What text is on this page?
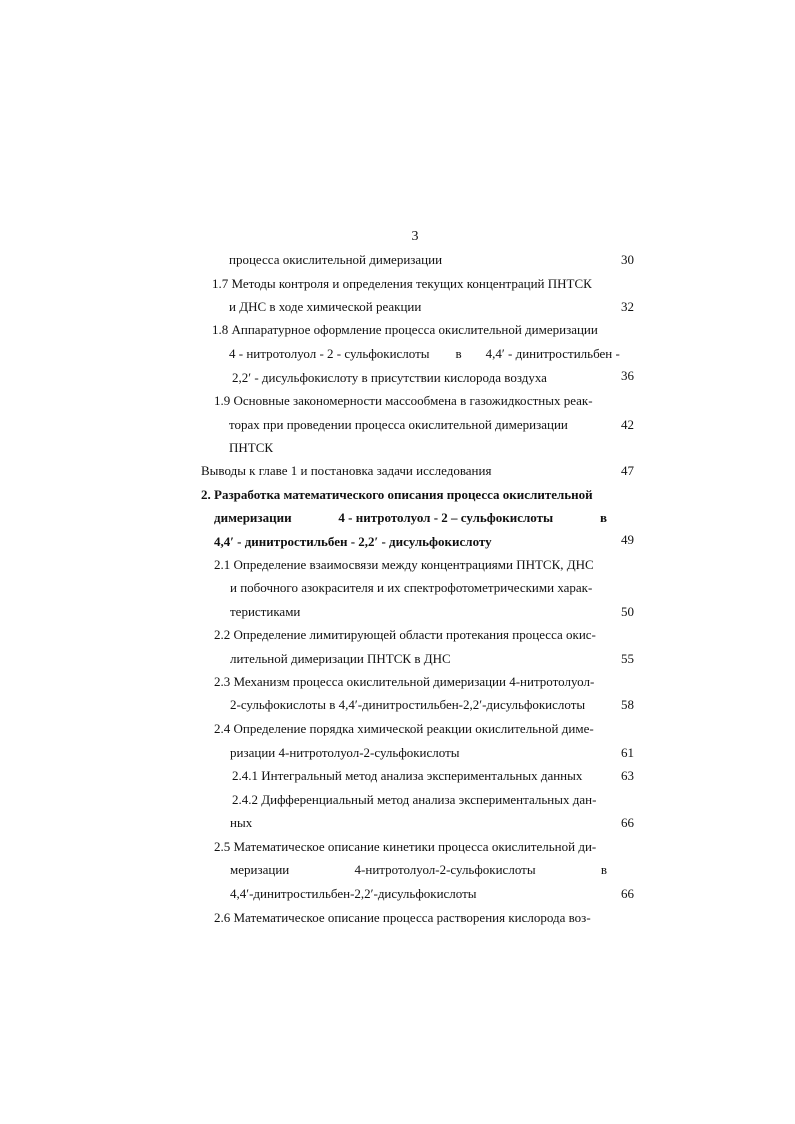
3
процесса окислительной димеризации	30
1.7 Методы контроля и определения текущих концентраций ПНТСК
и ДНС в ходе химической реакции	32
1.8 Аппаратурное оформление процесса окислительной димеризации
4 - нитротолуол - 2 - сульфокислоты в 4,4′ - динитростильбен -
2,2′ - дисульфокислоту в присутствии кислорода воздуха	36
1.9 Основные закономерности массообмена в газожидкостных реак-
торах при проведении процесса окислительной димеризации	42
ПНТСК
Выводы к главе 1 и постановка задачи исследования	47
2. Разработка математического описания процесса окислительной
димеризации	4 - нитротолуол - 2 – сульфокислоты	в
4,4′ - динитростильбен - 2,2′ - дисульфокислоту	49
2.1 Определение взаимосвязи между концентрациями ПНТСК, ДНС
и побочного азокрасителя и их спектрофотометрическими харак-
теристиками	50
2.2 Определение лимитирующей области протекания процесса окис-
лительной димеризации ПНТСК в ДНС	55
2.3 Механизм процесса окислительной димеризации 4-нитротолуол-
2-сульфокислоты в 4,4′-динитростильбен-2,2′-дисульфокислоты	58
2.4 Определение порядка химической реакции окислительной диме-
ризации 4-нитротолуол-2-сульфокислоты	61
2.4.1 Интегральный метод анализа экспериментальных данных	63
2.4.2 Дифференциальный метод анализа экспериментальных дан-
ных	66
2.5 Математическое описание кинетики процесса окислительной ди-
меризации	4-нитротолуол-2-сульфокислоты	в
4,4′-динитростильбен-2,2′-дисульфокислоты	66
2.6 Математическое описание процесса растворения кислорода воз-
